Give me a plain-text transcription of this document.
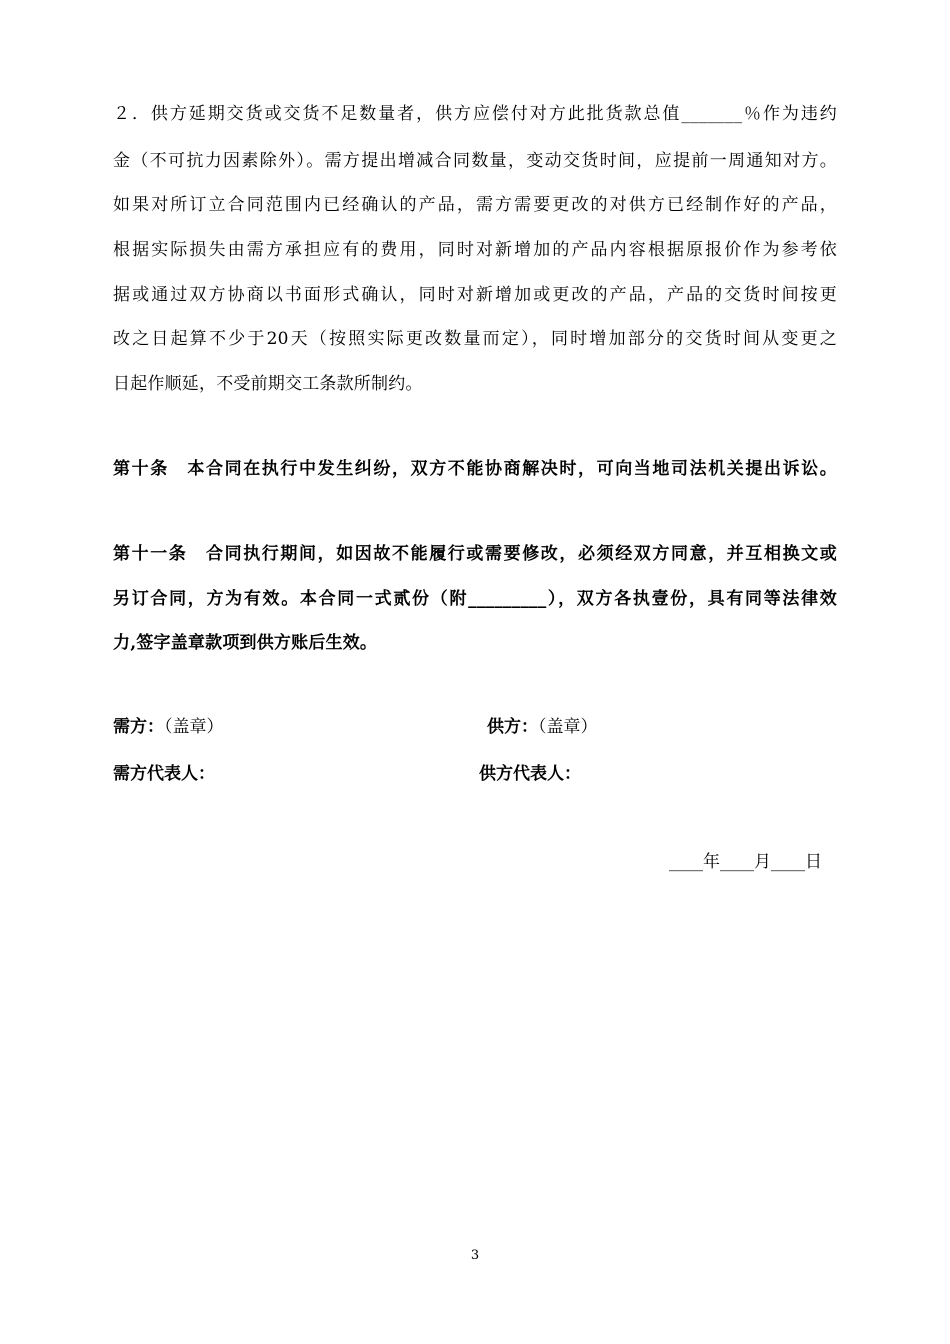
２．供方延期交货或交货不足数量者，供方应偿付对方此批货款总值_______％作为违约
金（不可抗力因素除外）。需方提出增减合同数量，变动交货时间，应提前一周通知对方。
如果对所订立合同范围内已经确认的产品，需方需要更改的对供方已经制作好的产品，
根据实际损失由需方承担应有的费用，同时对新增加的产品内容根据原报价作为参考依
据或通过双方协商以书面形式确认，同时对新增加或更改的产品，产品的交货时间按更
改之日起算不少于20天（按照实际更改数量而定），同时增加部分的交货时间从变更之
日起作顺延，不受前期交工条款所制约。
第十条　本合同在执行中发生纠纷，双方不能协商解决时，可向当地司法机关提出诉讼。
第十一条　合同执行期间，如因故不能履行或需要修改，必须经双方同意，并互相换文或
另订合同，方为有效。本合同一式贰份（附_________），双方各执壹份，具有同等法律效
力,签字盖章款项到供方账后生效。
需方：（盖章）	供方：（盖章）
需方代表人：	供方代表人：
____年____月____日
3
